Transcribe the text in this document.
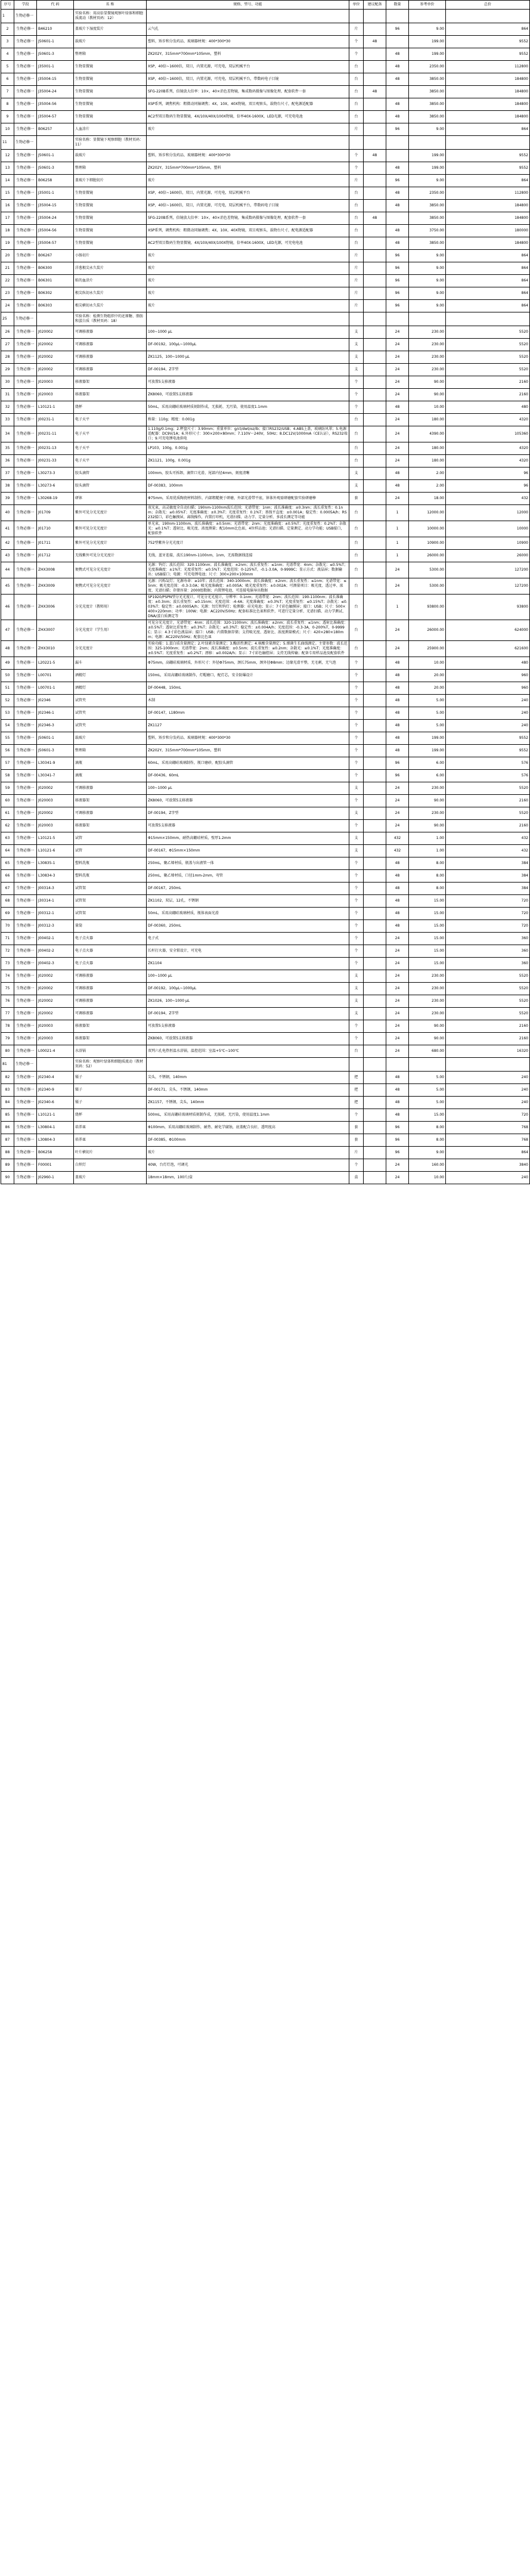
序号	学段	代 码	名 称	规格、型号、功能	单位	建议配备	数量	参考单价	总价
1	生物必修一		实验名称：用高倍显微镜观察叶绿体和细胞质流动（教材页码：12）						
2	生物必修一	B46210	盖玻片下湿度装片	云气孔	片		96	9.00	864
3	生物必修一	J50601-1	载玻片	塑料，矫步和分发药品、玻璃器材规：400*300*30	个	48		199.00	9552
4	生物必修一	J50601-3	整理箱	ZK202Y，315mm*700mm*105mm，塑料	个		48	199.00	9552
5	生物必修一	J35001-1	生物显微镜	XSP，40倍~1600倍，双目，内置光源，可充电，双层机械平台	台		48	2350.00	112800
6	生物必修一	J35004-15	生物显微镜	XSP，40倍~1600倍，双目，内置光源，可充电，双层机械平台，带数码电子目镜	台		48	3850.00	184800
7	生物必修一	J35004-24	生物显微镜	SFG-220B系列，倍镜放大倍率：10×，40×消色差物镜，集成数码摄像与图像处理，配套软件一套	台	48		3850.00	184800
8	生物必修一	J35004-56	生物显微镜	XSP系列，调焦机构：粗微动同轴调焦；4X，10X，40X物镜，双目观察头，载物台尺寸，配电源适配器	台		48	3850.00	184800
9	生物必修一	J35004-57	生物显微镜	AC2型双目数码生物显微镜，4X/10X/40X/100X物镜，倍率40X-1600X，LED光源，可充电电池	台		48	3850.00	184800
10	生物必修一	B06257	人血涂片	玻片	片		96	9.00	864
11	生物必修一		实验名称：显微镜下观察细胞（教材页码：11）						
12	生物必修一	J50601-1	载玻片	塑料，矫步和分发药品、玻璃器材规：400*300*30	个	48		199.00	9552
13	生物必修一	J50601-3	整理箱	ZK202Y，315mm*700mm*105mm，塑料	个		48	199.00	9552
14	生物必修一	B06258	盖玻片下细胞切片	玻片	片		96	9.00	864
15	生物必修一	J35001-1	生物显微镜	XSP，40倍~1600倍，双目，内置光源，可充电，双层机械平台	台		48	2350.00	112800
16	生物必修一	J35004-15	生物显微镜	XSP，40倍~1600倍，双目，内置光源，可充电，双层机械平台，带数码电子目镜	台		48	3850.00	184800
17	生物必修一	J35004-24	生物显微镜	SFG-220B系列，倍镜放大倍率：10×，40×消色差物镜，集成数码摄像与图像处理，配套软件一套	台	48		3850.00	184800
18	生物必修一	J35004-56	生物显微镜	XSP系列，调焦机构：粗微动同轴调焦；4X，10X，40X物镜，双目观察头，载物台尺寸，配电源适配器	台		48	3750.00	180000
19	生物必修一	J35004-57	生物显微镜	AC2型双目数码生物显微镜，4X/10X/40X/100X物镜，倍率40X-1600X，LED光源，可充电电池	台		48	3850.00	184800
20	生物必修一	B06267	小肠切片	玻片	片		96	9.00	864
21	生物必修一	B06300	洋葱根尖永久装片	玻片	片		96	9.00	864
22	生物必修一	B06301	蛙的血涂片	玻片	片		96	9.00	864
23	生物必修一	B06302	根尖纵切永久装片	玻片	片		96	9.00	864
24	生物必修一	B06303	根尖横切永久装片	玻片	片		96	9.00	864
25	生物必修一		实验名称：检测生物组织中的还原糖、脂肪和蛋白质（教材页码：18）						
26	生物必修一	J020002	可调移液器	100~1000 μL	支		24	230.00	5520
27	生物必修一	J020002	可调移液器	DF-00192，100μL~1000μL	支		24	230.00	5520
28	生物必修一	J020002	可调移液器	ZK1125，100~1000 μL	支		24	230.00	5520
29	生物必修一	J020002	可调移液器	DF-00194，Z字型	支		24	230.00	5520
30	生物必修一	J020003	移液器架	可放置5支移液器	个		24	90.00	2160
31	生物必修一	J020003	移液器架	ZK8060，可放置5支移液器	个		24	90.00	2160
32	生物必修一	L10121-1	烧杯	50mL，采用高硼硅玻璃材质刻制作成，无损耗、无污染，使用温度1.1mm	个		48	10.00	480
33	生物必修一	J00231-1	电子天平	称量：110g；精度：0.001g	台		24	180.00	4320
34	生物必修一	J00231-11	电子天平	1.110g/0.1mg；2.秤盘尺寸：3.90mm；重量单位：g/ct/dwt/oz/lb；接口RS232/USB；4.ABS上盖，玻璃防风罩；5.电源适配器：DC9V/1A；6.外形尺寸：300×200×80mm；7.110V～240V，50Hz；8.DC12V/1000mA（CE认证），RS232端口；9.可充电锂电池供电	台		24	4390.00	105360
35	生物必修一	J00231-13	电子天平	LP103，100g，0.001g	台		24	180.00	4320
36	生物必修一	J00231-33	电子天平	ZK1121，100g，0.001g	台		24	180.00	4320
37	生物必修一	L30273-3	胶头滴管	100mm，胶头可拆卸，滴管口光滑，尾部内径4mm，刻度清晰	支		48	2.00	96
38	生物必修一	L30273-6	胶头滴管	DF-00383，100mm	支		48	2.00	96
39	生物必修一	L30268-19	研钵	Φ75mm，采用优质陶瓷材料制作，内部粗糙便于研磨，外部光滑带平底，钵体外观需研磨配套实验研磨棒	套		24	18.00	432
40	生物必修一	J01709	紫外可见分光光度计	双光束，高灵敏度全自动扫描；190nm-1100nm波长范围；光谱带宽：1nm；波长准确度：±0.3nm；波长重复性：0.1nm；杂散光：≤0.05%T；光度准确度：±0.3%T；光度重复性：0.1%T；基线平直度：±0.001A；稳定性：0.0005A/h；RS232接口，彩色触摸屏，离线操作，内置打印机，光谱扫描、动力学、定量分析、多波长测定等功能	台		1	12000.00	12000
41	生物必修一	J01710	紫外可见分光光度计	单光束，190nm-1100nm，波长准确度：±0.5nm；光谱带宽：2nm；光度准确度：±0.5%T；光度重复性：0.2%T；杂散光：≤0.1%T；透射比、吸光度、浓度测量；配10mm比色皿，4位样品池；光谱扫描、定量测定、动力学功能；USB接口，配套软件	台		1	10000.00	10000
42	生物必修一	J01711	紫外可见分光光度计	752型紫外分光光度计	台		1	10900.00	10900
43	生物必修一	J01712	无线紫外可见分光光度计	无线，蓝牙连接，波长190nm-1100nm，1nm，无需数据线连接	台		1	26000.00	26000
44	生物必修一	ZHX3008	便携式可见分光光度计	光源：钨灯；波长范围：320-1100nm；波长准确度：±2nm；波长重复性：≤1nm；光谱带宽：4nm；杂散光：≤0.5%T；光度准确度：±1%T；光度重复性：≤0.5%T；光度范围：0-125%T，-0.1-3.0A，0-9999C；显示方式：液晶屏；数据输出：USB接口；电源：可充电锂电池；尺寸：300×200×100mm	台		24	5300.00	127200
45	生物必修一	ZHX3009	便携式可见分光光度计	光源：闪烁氙灯；光源寿命：≥10年；波长范围：340-1000nm；波长准确度：±2nm；波长重复性：≤1nm；光谱带宽：≤5nm；吸光度范围：-0.3-3.0A；吸光度准确度：±0.005A；吸光度重复性：±0.002A；可测量项目：吸光度、透过率、浓度、光谱扫描；存储容量：2000组数据；内置锂电池，可连接电脑导出数据	台		24	5300.00	127200
46	生物必修一	ZHX3006	分光光度计（教师用）	SP1920/PSPN型分光光度计，可见分光光度计，分辨率：0.1nm；光谱带宽：2nm；波长范围：190-1100nm；波长准确度：±0.3nm；波长重复性：≤0.15nm；光度范围：-4-4A；光度准确度：±0.3%T；光度重复性：≤0.15%T；杂散光：≤0.03%T；稳定性：±0.0005A/h；光源：氘灯和钨灯；检测器：硅光电池；显示：7寸彩色触摸屏；接口：USB；尺寸：500×400×220mm；功率：100W；电源：AC220V/50Hz；配套标准比色皿和软件，可进行定量分析、光谱扫描、动力学测试、DNA/蛋白质测定等	台		1	93800.00	93800
47	生物必修一	ZHX3007	分光光度计（学生用）	可见分光光度计，光谱带宽：4nm；波长范围：320-1100nm；波长准确度：±2nm；波长重复性：≤1nm；透射比准确度：±0.5%T；透射比重复性：≤0.3%T；杂散光：≤0.3%T；稳定性：±0.004A/h；光度范围：-0.3-3A，0-200%T，0-9999C；显示：4.3寸彩色液晶屏；接口：USB；内置数据存储；支持吸光度、透射比、浓度测量模式；尺寸：420×280×180mm；电源：AC220V/50Hz；配套比色皿	台		24	26000.00	624000
48	生物必修一	ZHX3010	分光光度计	实验功能：1.蛋白质含量测定；2.叶绿素含量测定；3.酶活性测定；4.核酸含量测定；5.细菌生长曲线测定。主要参数：波长范围：325-1000nm；光谱带宽：2nm；波长准确度：±0.5nm；波长重复性：≤0.2nm；杂散光：≤0.1%T；光度准确度：±0.5%T；光度重复性：≤0.2%T；漂移：≤0.002A/h；显示：7寸彩色触控屏；支持无线传输；配备专用样品池及配套软件	台		24	25900.00	621600
49	生物必修一	L20221-5	漏斗	Φ75mm，高硼硅玻璃材质，外形尺寸：外径Φ75mm，颈长75mm，颈外径Φ8mm；边缘光滑平整，无毛刺，无气泡	个		48	10.00	480
50	生物必修一	L00701	酒精灯	150mL，采用高硼硅玻璃制作，灯帽磨口，配灯芯，安全防爆设计	个		48	20.00	960
51	生物必修一	L00701-1	酒精灯	DF-00448，150mL	个		48	20.00	960
52	生物必修一	J02346	试管夹	木制	个		48	5.00	240
53	生物必修一	J02346-1	试管夹	DF-00147，L180mm	个		48	5.00	240
54	生物必修一	J02346-3	试管夹	ZK1127	个		48	5.00	240
55	生物必修一	J50601-1	载玻片	塑料，矫步和分发药品、玻璃器材规：400*300*30	个		48	199.00	9552
56	生物必修一	J50601-3	整理箱	ZK202Y，315mm*700mm*105mm，塑料	个		48	199.00	9552
57	生物必修一	L30341-9	滴瓶	60mL，采用高硼硅玻璃制作，瓶口磨砂，配胶头滴管	个		96	6.00	576
58	生物必修一	L30341-7	滴瓶	DF-00436，60mL	个		96	6.00	576
59	生物必修一	J020002	可调移液器	100~1000 μL	支		24	230.00	5520
60	生物必修一	J020003	移液器架	ZK8060，可放置5支移液器	个		24	90.00	2160
61	生物必修一	J020002	可调移液器	DF-00194，Z字型	支		24	230.00	5520
62	生物必修一	J020003	移液器架	可放置5支移液器	个		24	90.00	2160
63	生物必修一	L10121-5	试管	Φ15mm×150mm，耐热高硼硅材质，壁厚1.2mm	支		432	1.00	432
64	生物必修一	L10121-6	试管	DF-00167，Φ15mm×150mm	支		432	1.00	432
65	生物必修一	L30835-1	塑料洗瓶	250mL，聚乙烯材质，瓶盖与出液管一体	个		48	8.00	384
66	生物必修一	L30834-3	塑料洗瓶	250mL，聚乙烯材质，口径1mm-2mm，弯管	个		48	8.00	384
67	生物必修一	J00314-3	试管架	DF-00167，250mL	个		48	8.00	384
68	生物必修一	J30314-1	试管架	ZK1102，双层，12孔，不锈钢	个		48	15.00	720
69	生物必修一	J00312-1	试管架	50mL，采用高硼硅玻璃材质，瓶体表面光滑	个		48	15.00	720
70	生物必修一	J00312-3	量筒	DF-00360，250mL	个		48	15.00	720
71	生物必修一	J00402-1	电子点火器	电子式	个		24	15.00	360
72	生物必修一	J00402-2	电子点火器	长杆打火器，安全锁设计，可充电	个		24	15.00	360
73	生物必修一	J00402-3	电子点火器	ZK1104	个		24	15.00	360
74	生物必修一	J020002	可调移液器	100~1000 μL	支		24	230.00	5520
75	生物必修一	J020002	可调移液器	DF-00192，100μL~1000μL	支		24	230.00	5520
76	生物必修一	J020002	可调移液器	ZK1026，100~1000 μL	支		24	230.00	5520
77	生物必修一	J020002	可调移液器	DF-00194，Z字型	支		24	230.00	5520
78	生物必修一	J020003	移液器架	可放置5支移液器	个		24	90.00	2160
79	生物必修一	J020003	移液器架	ZK8060，可放置5支移液器	个		24	90.00	2160
80	生物必修一	L00021-4	水浴锅	双列六孔电热恒温水浴锅，温控范围：室温+5℃~100℃	台		24	680.00	16320
81	生物必修一		实验名称：观察叶绿体和细胞质流动（教材页码：52）						
82	生物必修一	J02340-4	镊子	尖头，不锈钢，140mm	把		48	5.00	240
83	生物必修一	J02340-9	镊子	DF-00171，尖头，不锈钢，140mm	把		48	5.00	240
84	生物必修一	J02340-6	镊子	ZK1157，不锈钢，尖头，140mm	把		48	5.00	240
85	生物必修一	L10121-1	烧杯	500mL，采用高硼硅玻璃材质刻制作成，无损耗、无污染，使用温度1.1mm	个		48	15.00	720
86	生物必修一	L30804-1	培养皿	Φ100mm，采用高硼硅玻璃制作，耐热、耐化学腐蚀，底盖配合良好，透明度高	套		96	8.00	768
87	生物必修一	L30804-3	培养皿	DF-00385，Φ100mm	套		96	8.00	768
88	生物必修一	B06258	叶片横切片	玻片	片		96	9.00	864
89	生物必修一	F00001	白炽灯	40W，台灯灯泡，可调光	个		24	160.00	3840
90	生物必修一	J02960-1	盖玻片	18mm×18mm，100片/盒	盒		24	10.00	240
